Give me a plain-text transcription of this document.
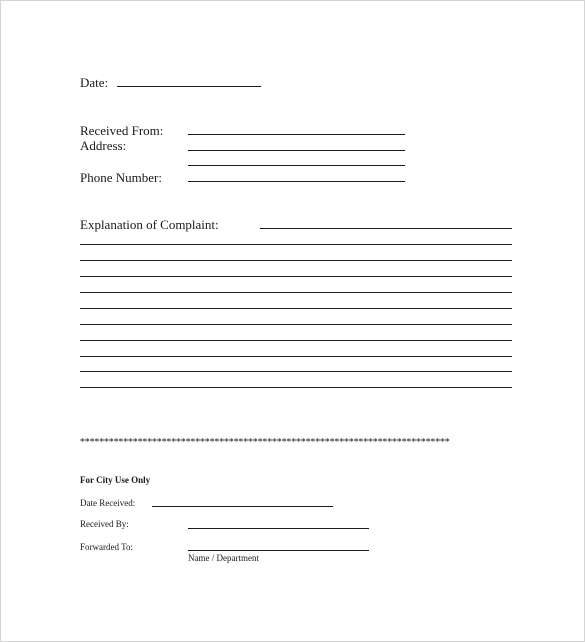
Date:
Received From:
Address:
Phone Number:
Explanation of Complaint:
*****************************************************************************
For City Use Only
Date Received:
Received By:
Forwarded To:
Name / Department
